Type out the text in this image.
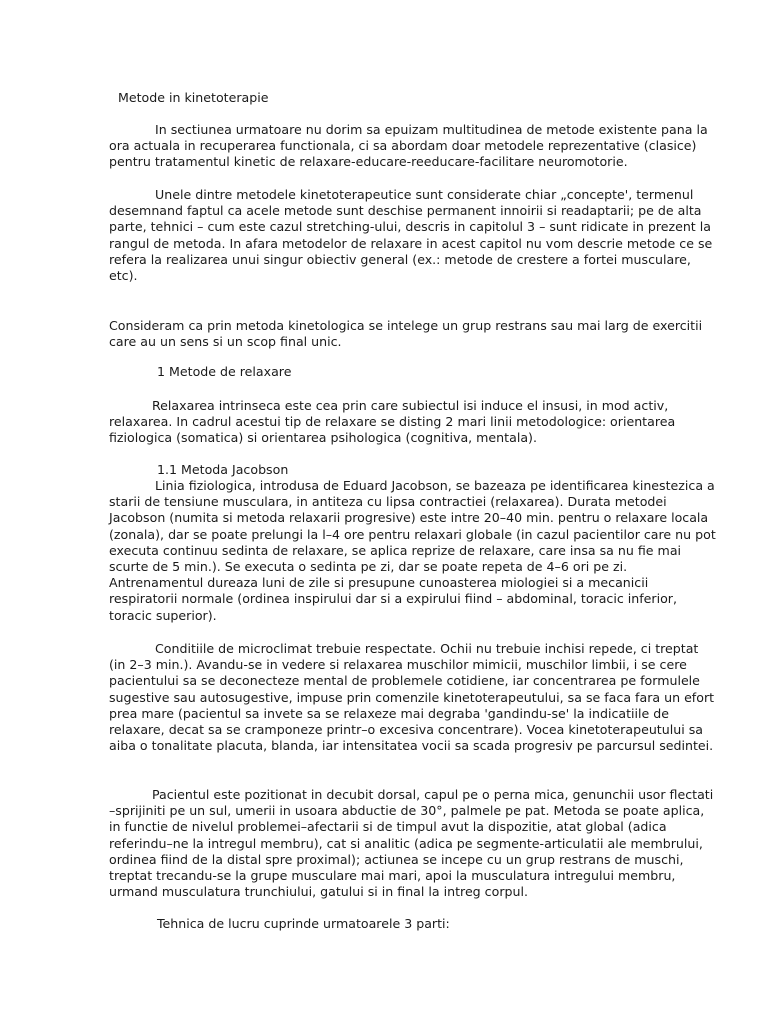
Metode in kinetoterapie

In sectiunea urmatoare nu dorim sa epuizam multitudinea de metode existente pana la ora actuala in recuperarea functionala, ci sa abordam doar metodele reprezentative (clasice) pentru tratamentul kinetic de relaxare-educare-reeducare-facilitare neuromotorie.

Unele dintre metodele kinetoterapeutice sunt considerate chiar „concepte', termenul desemnand faptul ca acele metode sunt deschise permanent innoirii si readaptarii; pe de alta parte, tehnici – cum este cazul stretching-ului, descris in capitolul 3 – sunt ridicate in prezent la rangul de metoda. In afara metodelor de relaxare in acest capitol nu vom descrie metode ce se refera la realizarea unui singur obiectiv general (ex.: metode de crestere a fortei musculare, etc).

Consideram ca prin metoda kinetologica se intelege un grup restrans sau mai larg de exercitii care au un sens si un scop final unic.

1 Metode de relaxare

Relaxarea intrinseca este cea prin care subiectul isi induce el insusi, in mod activ, relaxarea. In cadrul acestui tip de relaxare se disting 2 mari linii metodologice: orientarea fiziologica (somatica) si orientarea psihologica (cognitiva, mentala).

1.1 Metoda Jacobson

Linia fiziologica, introdusa de Eduard Jacobson, se bazeaza pe identificarea kinestezica a starii de tensiune musculara, in antiteza cu lipsa contractiei (relaxarea). Durata metodei Jacobson (numita si metoda relaxarii progresive) este intre 20–40 min. pentru o relaxare locala (zonala), dar se poate prelungi la l–4 ore pentru relaxari globale (in cazul pacientilor care nu pot executa continuu sedinta de relaxare, se aplica reprize de relaxare, care insa sa nu fie mai scurte de 5 min.). Se executa o sedinta pe zi, dar se poate repeta de 4–6 ori pe zi. Antrenamentul dureaza luni de zile si presupune cunoasterea miologiei si a mecanicii respiratorii normale (ordinea inspirului dar si a expirului fiind – abdominal, toracic inferior, toracic superior).

Conditiile de microclimat trebuie respectate. Ochii nu trebuie inchisi repede, ci treptat (in 2–3 min.). Avandu-se in vedere si relaxarea muschilor mimicii, muschilor limbii, i se cere pacientului sa se deconecteze mental de problemele cotidiene, iar concentrarea pe formulele sugestive sau autosugestive, impuse prin comenzile kinetoterapeutului, sa se faca fara un efort prea mare (pacientul sa invete sa se relaxeze mai degraba 'gandindu-se' la indicatiile de relaxare, decat sa se cramponeze printr–o excesiva concentrare). Vocea kinetoterapeutului sa aiba o tonalitate placuta, blanda, iar intensitatea vocii sa scada progresiv pe parcursul sedintei.

Pacientul este pozitionat in decubit dorsal, capul pe o perna mica, genunchii usor flectati –sprijiniti pe un sul, umerii in usoara abductie de 30°, palmele pe pat. Metoda se poate aplica, in functie de nivelul problemei–afectarii si de timpul avut la dispozitie, atat global (adica referindu–ne la intregul membru), cat si analitic (adica pe segmente-articulatii ale membrului, ordinea fiind de la distal spre proximal); actiunea se incepe cu un grup restrans de muschi, treptat trecandu-se la grupe musculare mai mari, apoi la musculatura intregului membru, urmand musculatura trunchiului, gatului si in final la intreg corpul.

Tehnica de lucru cuprinde urmatoarele 3 parti:
